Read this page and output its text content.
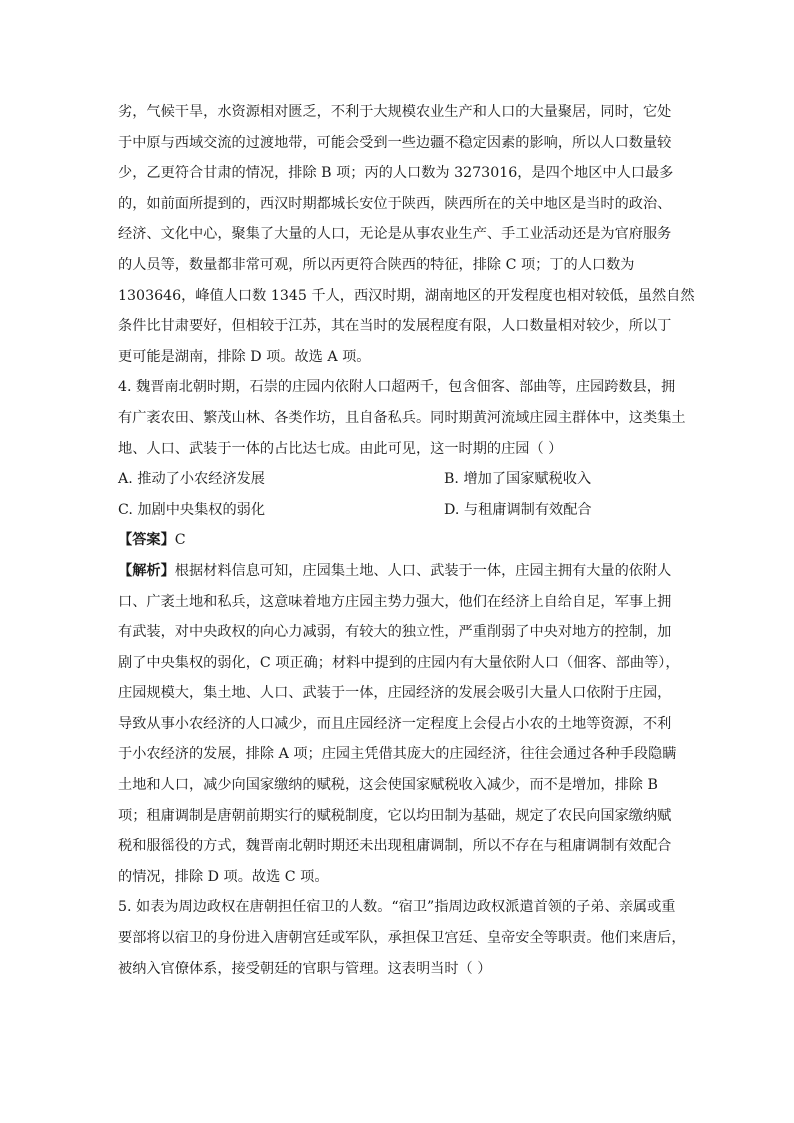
劣，气候干旱，水资源相对匮乏，不利于大规模农业生产和人口的大量聚居，同时，它处
于中原与西域交流的过渡地带，可能会受到一些边疆不稳定因素的影响，所以人口数量较
少，乙更符合甘肃的情况，排除 B 项；丙的人口数为 3273016，是四个地区中人口最多
的，如前面所提到的，西汉时期都城长安位于陕西，陕西所在的关中地区是当时的政治、
经济、文化中心，聚集了大量的人口，无论是从事农业生产、手工业活动还是为官府服务
的人员等，数量都非常可观，所以丙更符合陕西的特征，排除 C 项；丁的人口数为
1303646，峰值人口数 1345 千人，西汉时期，湖南地区的开发程度也相对较低，虽然自然
条件比甘肃要好，但相较于江苏，其在当时的发展程度有限，人口数量相对较少，所以丁
更可能是湖南，排除 D 项。故选 A 项。
4. 魏晋南北朝时期，石崇的庄园内依附人口超两千，包含佃客、部曲等，庄园跨数县，拥
有广袤农田、繁茂山林、各类作坊，且自备私兵。同时期黄河流域庄园主群体中，这类集土
地、人口、武装于一体的占比达七成。由此可见，这一时期的庄园（ ）
A. 推动了小农经济发展	B. 增加了国家赋税收入
C. 加剧中央集权的弱化	D. 与租庸调制有效配合
【答案】C
【解析】根据材料信息可知，庄园集土地、人口、武装于一体，庄园主拥有大量的依附人
口、广袤土地和私兵，这意味着地方庄园主势力强大，他们在经济上自给自足，军事上拥
有武装，对中央政权的向心力减弱，有较大的独立性，严重削弱了中央对地方的控制，加
剧了中央集权的弱化，C 项正确；材料中提到的庄园内有大量依附人口（佃客、部曲等），
庄园规模大，集土地、人口、武装于一体，庄园经济的发展会吸引大量人口依附于庄园，
导致从事小农经济的人口减少，而且庄园经济一定程度上会侵占小农的土地等资源，不利
于小农经济的发展，排除 A 项；庄园主凭借其庞大的庄园经济，往往会通过各种手段隐瞒
土地和人口，减少向国家缴纳的赋税，这会使国家赋税收入减少，而不是增加，排除 B
项；租庸调制是唐朝前期实行的赋税制度，它以均田制为基础，规定了农民向国家缴纳赋
税和服徭役的方式，魏晋南北朝时期还未出现租庸调制，所以不存在与租庸调制有效配合
的情况，排除 D 项。故选 C 项。
5. 如表为周边政权在唐朝担任宿卫的人数。“宿卫”指周边政权派遣首领的子弟、亲属或重
要部将以宿卫的身份进入唐朝宫廷或军队，承担保卫宫廷、皇帝安全等职责。他们来唐后，
被纳入官僚体系，接受朝廷的官职与管理。这表明当时（ ）
